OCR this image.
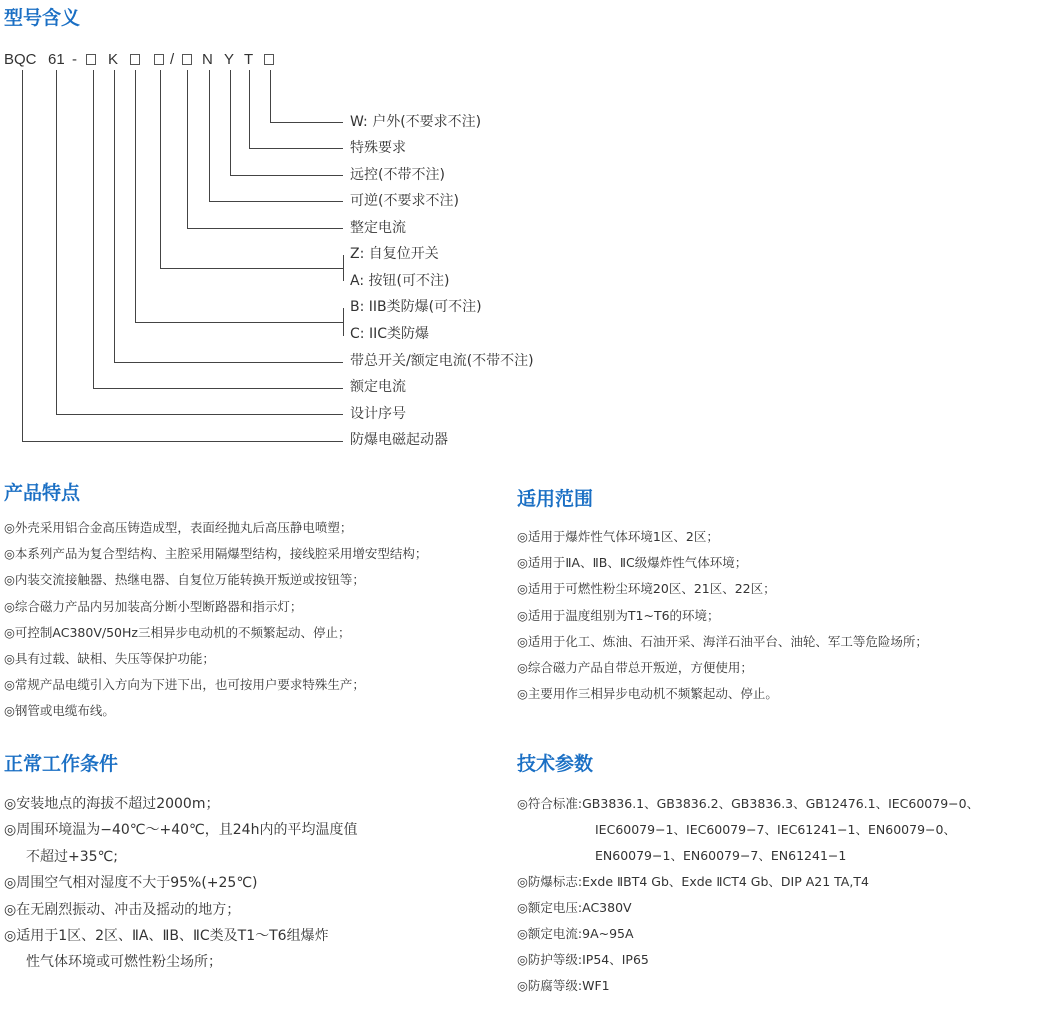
型号含义
产品特点	适用范围
正常工作条件	技术参数
BQC 61 - K	/ N Y T
W: 户外(不要求不注)
特殊要求
远控(不带不注)
可逆(不要求不注)
整定电流
Z: 自复位开关
A: 按钮(可不注)
B: IIB类防爆(可不注)
C: IIC类防爆
带总开关/额定电流(不带不注)
额定电流
设计序号
防爆电磁起动器
◎外壳采用铝合金高压铸造成型，表面经抛丸后高压静电喷塑；
◎本系列产品为复合型结构、主腔采用隔爆型结构，接线腔采用增安型结构；
◎内装交流接触器、热继电器、自复位万能转换开叛逆或按钮等；
◎综合磁力产品内另加装高分断小型断路器和指示灯；
◎可控制AC380V/50Hz三相异步电动机的不频繁起动、停止；
◎具有过载、缺相、失压等保护功能；
◎常规产品电缆引入方向为下进下出，也可按用户要求特殊生产；
◎钢管或电缆布线。
◎适用于爆炸性气体环境1区、2区；
◎适用于ⅡA、ⅡB、ⅡC级爆炸性气体环境；
◎适用于可燃性粉尘环境20区、21区、22区；
◎适用于温度组别为T1~T6的环境；
◎适用于化工、炼油、石油开采、海洋石油平台、油轮、军工等危险场所；
◎综合磁力产品自带总开叛逆，方便使用；
◎主要用作三相异步电动机不频繁起动、停止。
◎安装地点的海拔不超过2000m；
◎周围环境温为−40℃～+40℃，且24h内的平均温度值
不超过+35℃;
◎周围空气相对湿度不大于95%(+25℃)
◎在无剧烈振动、冲击及摇动的地方；
◎适用于1区、2区、ⅡA、ⅡB、ⅡC类及T1～T6组爆炸
性气体环境或可燃性粉尘场所；
◎符合标准:GB3836.1、GB3836.2、GB3836.3、GB12476.1、IEC60079−0、
IEC60079−1、IEC60079−7、IEC61241−1、EN60079−0、
EN60079−1、EN60079−7、EN61241−1
◎防爆标志:Exde ⅡBT4 Gb、Exde ⅡCT4 Gb、DIP A21 TA,T4
◎额定电压:AC380V
◎额定电流:9A~95A
◎防护等级:IP54、IP65
◎防腐等级:WF1
